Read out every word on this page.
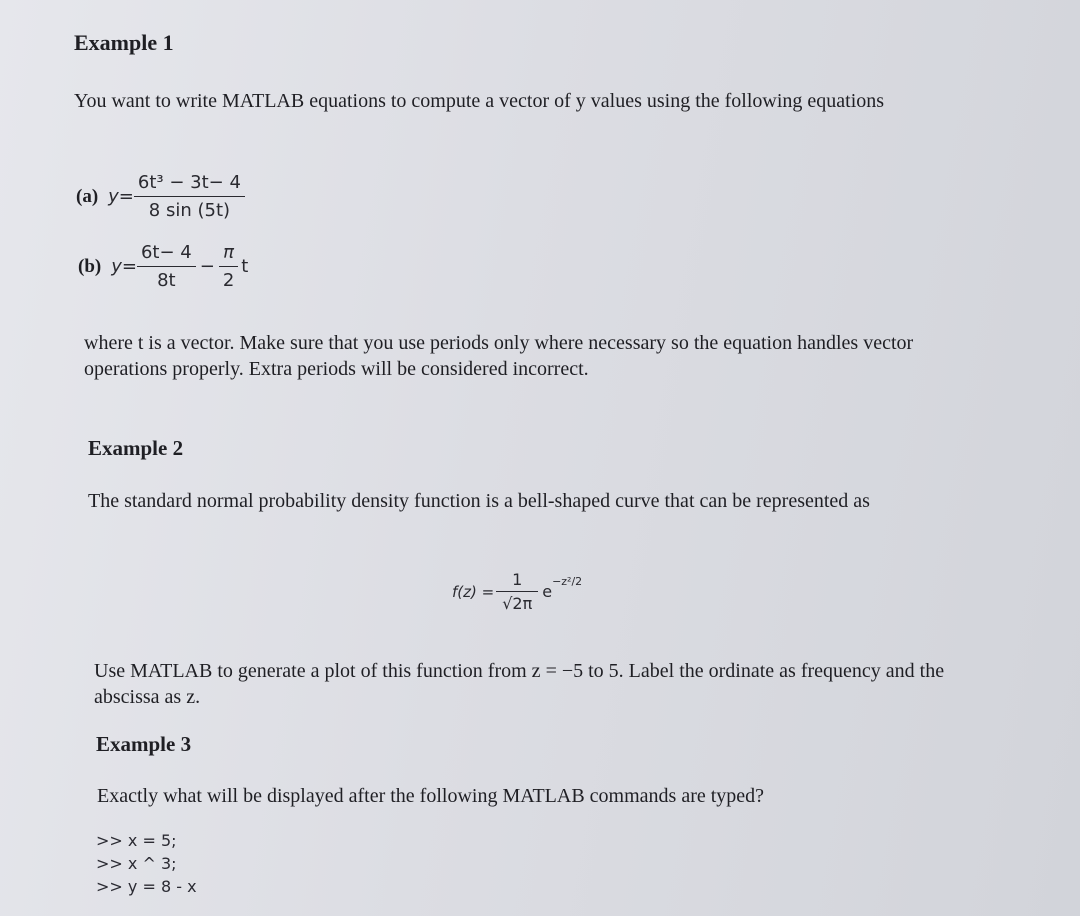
Example 1
You want to write MATLAB equations to compute a vector of y values using the following equations
(a) $y= \frac{\text{6t³ − 3t− 4}}{8 \sin (5t)}$
(b) $y= \frac{6t- 4}{8t} - \frac{\pi}{2}$ t
where t is a vector. Make sure that you use periods only where necessary so the equation handles vector operations properly. Extra periods will be considered incorrect.
Example 2
The standard normal probability density function is a bell-shaped curve that can be represented as
$f(z) = \frac{1}{√2\pi}$ e
−z²/2
Use MATLAB to generate a plot of this function from z = −5 to 5. Label the ordinate as frequency and the abscissa as z.
Example 3
Exactly what will be displayed after the following MATLAB commands are typed?
>> x = 5;
>> x ^ 3;
>> y = 8 - x
